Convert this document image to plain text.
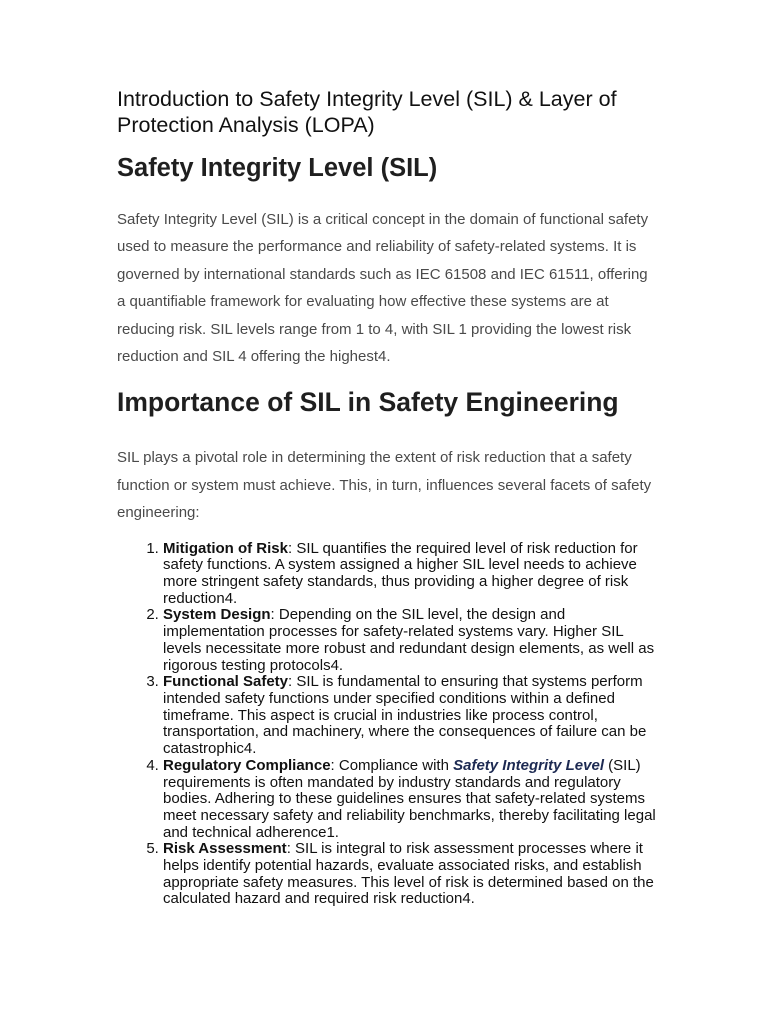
Introduction to Safety Integrity Level (SIL) & Layer of Protection Analysis (LOPA)
Safety Integrity Level (SIL)

Safety Integrity Level (SIL) is a critical concept in the domain of functional safety used to measure the performance and reliability of safety-related systems. It is governed by international standards such as IEC 61508 and IEC 61511, offering a quantifiable framework for evaluating how effective these systems are at reducing risk. SIL levels range from 1 to 4, with SIL 1 providing the lowest risk reduction and SIL 4 offering the highest4.

Importance of SIL in Safety Engineering

SIL plays a pivotal role in determining the extent of risk reduction that a safety function or system must achieve. This, in turn, influences several facets of safety engineering:

1. Mitigation of Risk: SIL quantifies the required level of risk reduction for safety functions. A system assigned a higher SIL level needs to achieve more stringent safety standards, thus providing a higher degree of risk reduction4.
2. System Design: Depending on the SIL level, the design and implementation processes for safety-related systems vary. Higher SIL levels necessitate more robust and redundant design elements, as well as rigorous testing protocols4.
3. Functional Safety: SIL is fundamental to ensuring that systems perform intended safety functions under specified conditions within a defined timeframe. This aspect is crucial in industries like process control, transportation, and machinery, where the consequences of failure can be catastrophic4.
4. Regulatory Compliance: Compliance with Safety Integrity Level (SIL) requirements is often mandated by industry standards and regulatory bodies. Adhering to these guidelines ensures that safety-related systems meet necessary safety and reliability benchmarks, thereby facilitating legal and technical adherence1.
5. Risk Assessment: SIL is integral to risk assessment processes where it helps identify potential hazards, evaluate associated risks, and establish appropriate safety measures. This level of risk is determined based on the calculated hazard and required risk reduction4.
